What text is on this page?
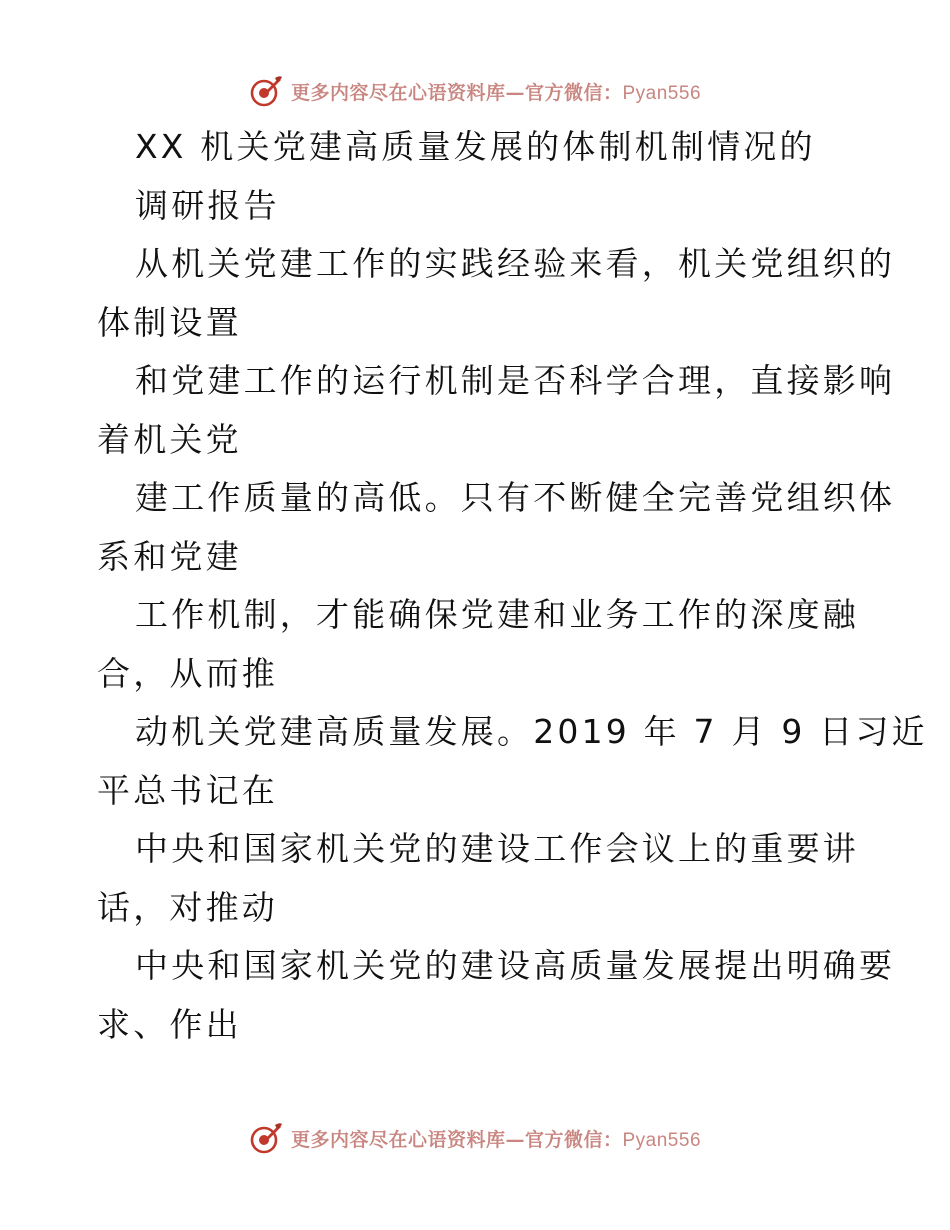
更多内容尽在心语资料库—官方微信：Pyan556
XX 机关党建高质量发展的体制机制情况的
调研报告
从机关党建工作的实践经验来看，机关党组织的
体制设置
和党建工作的运行机制是否科学合理，直接影响
着机关党
建工作质量的高低。只有不断健全完善党组织体
系和党建
工作机制，才能确保党建和业务工作的深度融
合，从而推
动机关党建高质量发展。2019 年 7 月 9 日习近
平总书记在
中央和国家机关党的建设工作会议上的重要讲
话，对推动
中央和国家机关党的建设高质量发展提出明确要
求、作出
更多内容尽在心语资料库—官方微信：Pyan556
